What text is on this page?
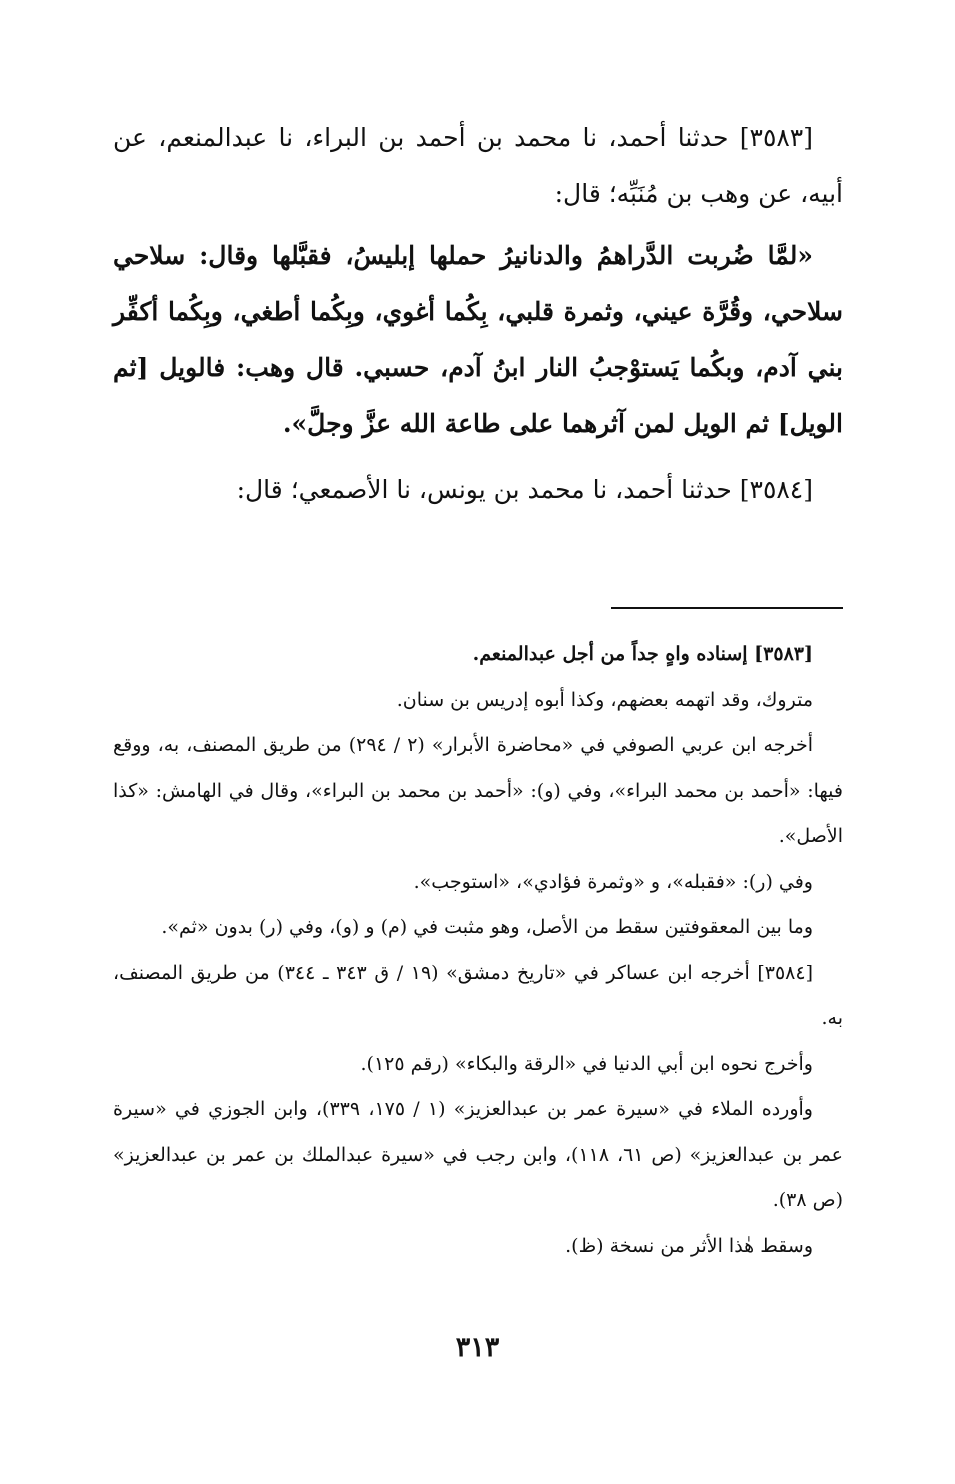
[٣٥٨٣] حدثنا أحمد، نا محمد بن أحمد بن البراء، نا عبدالمنعم، عن أبيه، عن وهب بن مُنَبِّه؛ قال:

«لمَّا ضُربت الدَّراهمُ والدنانيرُ حملها إبليسُ، فقبَّلها وقال: سلاحي سلاحي، وقُرَّة عيني، وثمرة قلبي، بِكُما أغوي، وبِكُما أطغي، وبِكُما أكفِّر بني آدم، وبكُما يَستوْجبُ النار ابنُ آدم، حسبي. قال وهب: فالويل [ثم الويل] ثم الويل لمن آثرهما على طاعة الله عزَّ وجلَّ».

[٣٥٨٤] حدثنا أحمد، نا محمد بن يونس، نا الأصمعي؛ قال:

[٣٥٨٣] إسناده واهٍ جداً من أجل عبدالمنعم.

متروك، وقد اتهمه بعضهم، وكذا أبوه إدريس بن سنان.

أخرجه ابن عربي الصوفي في «محاضرة الأبرار» (٢ / ٢٩٤) من طريق المصنف، به، ووقع فيها: «أحمد بن محمد البراء»، وفي (و): «أحمد بن محمد بن البراء»، وقال في الهامش: «كذا الأصل».

وفي (ر): «فقبله»، و «وثمرة فؤادي»، «استوجب».

وما بين المعقوفتين سقط من الأصل، وهو مثبت في (م) و (و)، وفي (ر) بدون «ثم».

[٣٥٨٤] أخرجه ابن عساكر في «تاريخ دمشق» (١٩ / ق ٣٤٣ ـ ٣٤٤) من طريق المصنف، به.

وأخرج نحوه ابن أبي الدنيا في «الرقة والبكاء» (رقم ١٢٥).

وأورده الملاء في «سيرة عمر بن عبدالعزيز» (١ / ١٧٥، ٣٣٩)، وابن الجوزي في «سيرة عمر بن عبدالعزيز» (ص ٦١، ١١٨)، وابن رجب في «سيرة عبدالملك بن عمر بن عبدالعزيز» (ص ٣٨).

وسقط هٰذا الأثر من نسخة (ظ).

٣١٣
